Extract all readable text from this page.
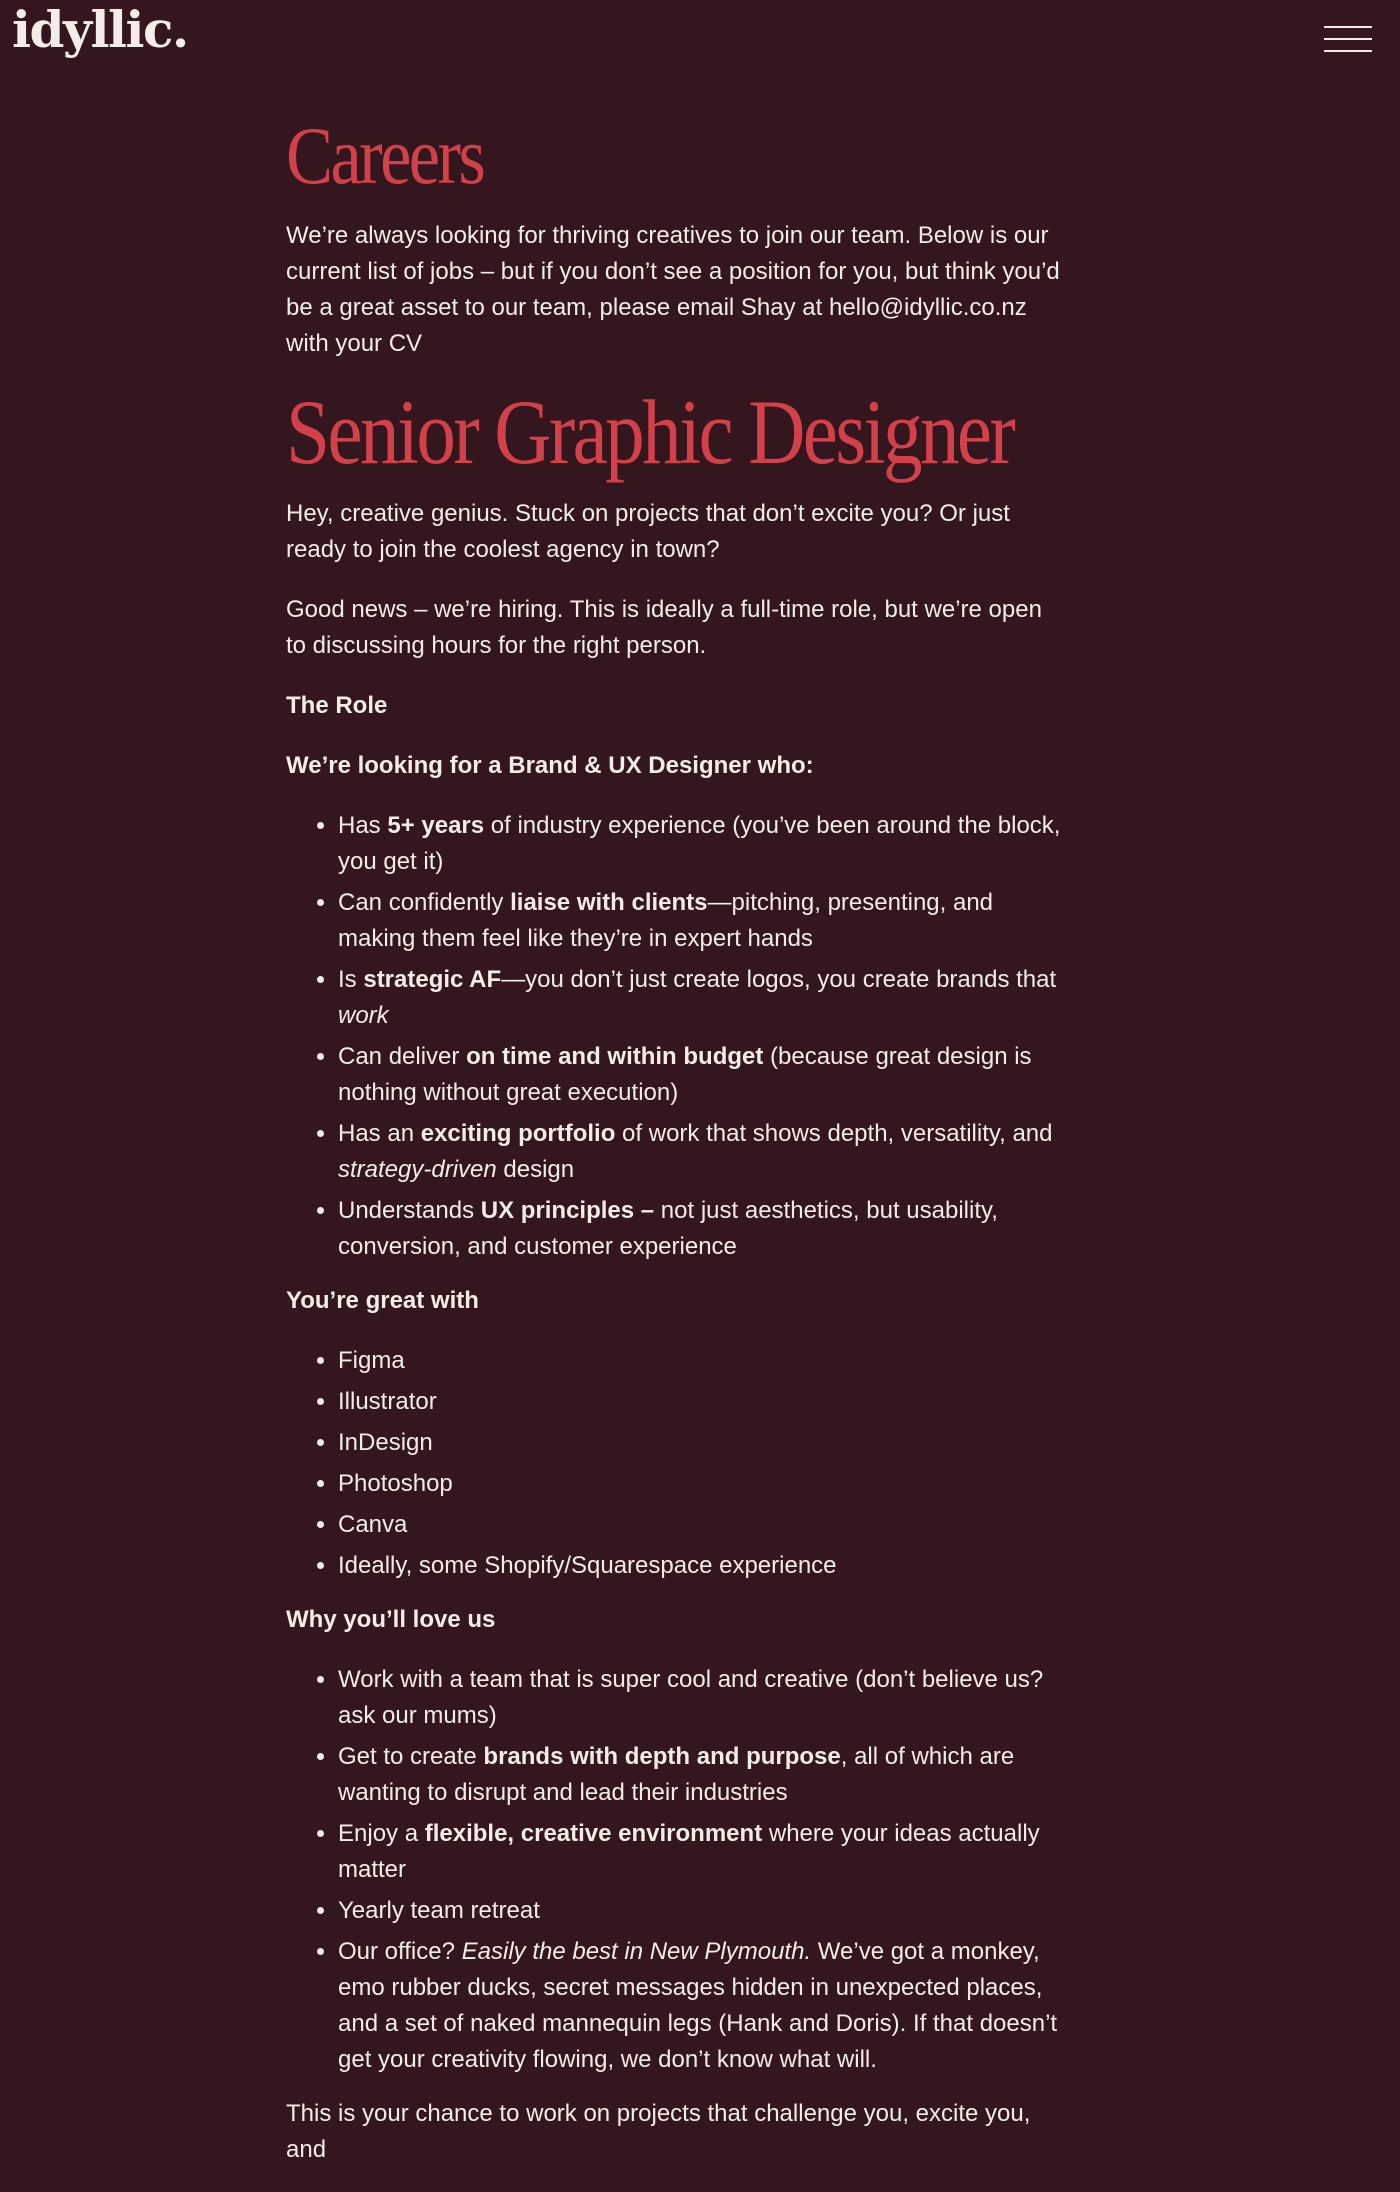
idyllic.
Careers

We’re always looking for thriving creatives to join our team. Below is our current list of jobs – but if you don’t see a position for you, but think you’d be a great asset to our team, please email Shay at hello@idyllic.co.nz with your CV

Senior Graphic Designer

Hey, creative genius. Stuck on projects that don’t excite you? Or just ready to join the coolest agency in town?

Good news – we’re hiring. This is ideally a full-time role, but we’re open to discussing hours for the right person.

The Role

We’re looking for a Brand & UX Designer who:

• Has 5+ years of industry experience (you’ve been around the block, you get it)
• Can confidently liaise with clients—pitching, presenting, and making them feel like they’re in expert hands
• Is strategic AF—you don’t just create logos, you create brands that work
• Can deliver on time and within budget (because great design is nothing without great execution)
• Has an exciting portfolio of work that shows depth, versatility, and strategy-driven design
• Understands UX principles – not just aesthetics, but usability, conversion, and customer experience

You’re great with

• Figma
• Illustrator
• InDesign
• Photoshop
• Canva
• Ideally, some Shopify/Squarespace experience

Why you’ll love us

• Work with a team that is super cool and creative (don’t believe us? ask our mums)
• Get to create brands with depth and purpose, all of which are wanting to disrupt and lead their industries
• Enjoy a flexible, creative environment where your ideas actually matter
• Yearly team retreat
• Our office? Easily the best in New Plymouth. We’ve got a monkey, emo rubber ducks, secret messages hidden in unexpected places, and a set of naked mannequin legs (Hank and Doris). If that doesn’t get your creativity flowing, we don’t know what will.

This is your chance to work on projects that challenge you, excite you, and
